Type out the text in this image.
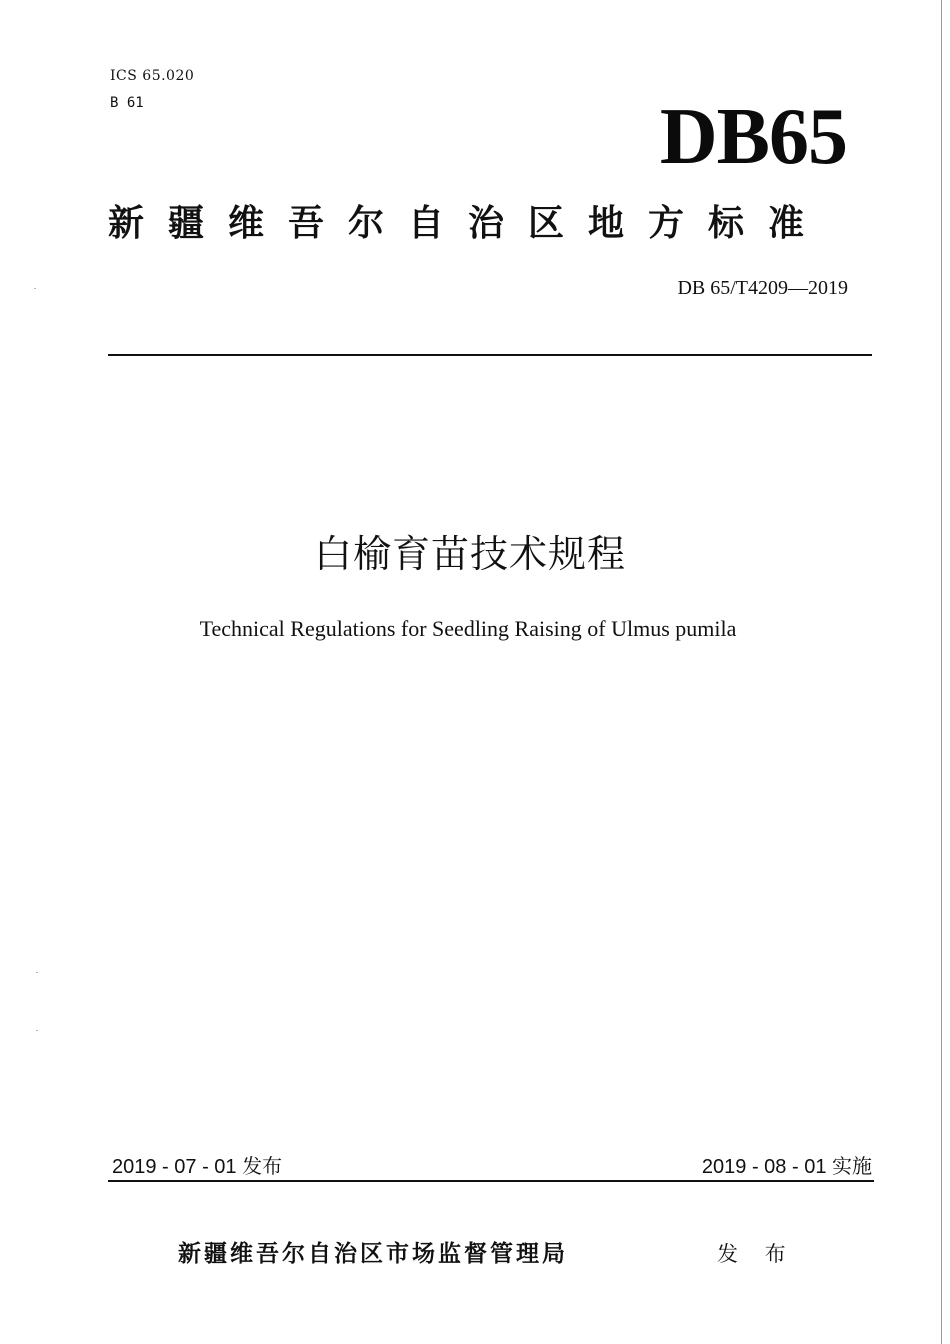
ICS 65.020
B 61	DB65
新疆维吾尔自治区地方标准
DB 65/T4209—2019
白榆育苗技术规程
Technical Regulations for Seedling Raising of Ulmus pumila
2019 - 07 - 01 发布	2019 - 08 - 01 实施
新疆维吾尔自治区市场监督管理局	发 布
